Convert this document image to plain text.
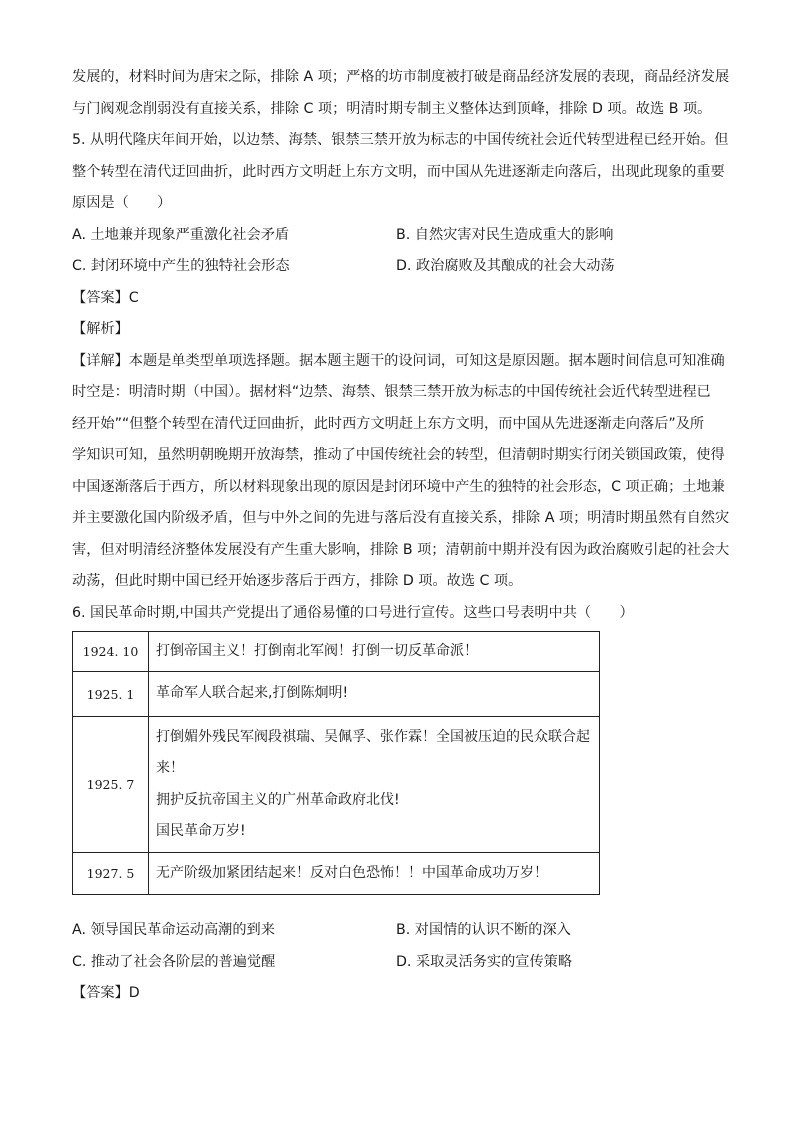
发展的，材料时间为唐宋之际，排除 A 项；严格的坊市制度被打破是商品经济发展的表现，商品经济发展

与门阀观念削弱没有直接关系，排除 C 项；明清时期专制主义整体达到顶峰，排除 D 项。故选 B 项。

5. 从明代隆庆年间开始，以边禁、海禁、银禁三禁开放为标志的中国传统社会近代转型进程已经开始。但

整个转型在清代迂回曲折，此时西方文明赶上东方文明，而中国从先进逐渐走向落后，出现此现象的重要

原因是（　　）

A. 土地兼并现象严重激化社会矛盾	B. 自然灾害对民生造成重大的影响
C. 封闭环境中产生的独特社会形态	D. 政治腐败及其酿成的社会大动荡

【答案】C

【解析】

【详解】本题是单类型单项选择题。据本题主题干的设问词，可知这是原因题。据本题时间信息可知准确

时空是：明清时期（中国）。据材料“边禁、海禁、银禁三禁开放为标志的中国传统社会近代转型进程已

经开始”“但整个转型在清代迂回曲折，此时西方文明赶上东方文明，而中国从先进逐渐走向落后”及所

学知识可知，虽然明朝晚期开放海禁，推动了中国传统社会的转型，但清朝时期实行闭关锁国政策，使得

中国逐渐落后于西方，所以材料现象出现的原因是封闭环境中产生的独特的社会形态，C 项正确；土地兼

并主要激化国内阶级矛盾，但与中外之间的先进与落后没有直接关系，排除 A 项；明清时期虽然有自然灾

害，但对明清经济整体发展没有产生重大影响，排除 B 项；清朝前中期并没有因为政治腐败引起的社会大

动荡，但此时期中国已经开始逐步落后于西方，排除 D 项。故选 C 项。

6. 国民革命时期,中国共产党提出了通俗易懂的口号进行宣传。这些口号表明中共（　　）

1924. 10	打倒帝国主义！打倒南北军阀！打倒一切反革命派！

1925. 1	革命军人联合起来,打倒陈炯明!

1925. 7	打倒媚外残民军阀段祺瑞、吴佩孚、张作霖！全国被压迫的民众联合起
来！
拥护反抗帝国主义的广州革命政府北伐!
国民革命万岁!

1927. 5	无产阶级加紧团结起来！反对白色恐怖！！中国革命成功万岁！
A. 领导国民革命运动高潮的到来	B. 对国情的认识不断的深入
C. 推动了社会各阶层的普遍觉醒	D. 采取灵活务实的宣传策略

【答案】D
